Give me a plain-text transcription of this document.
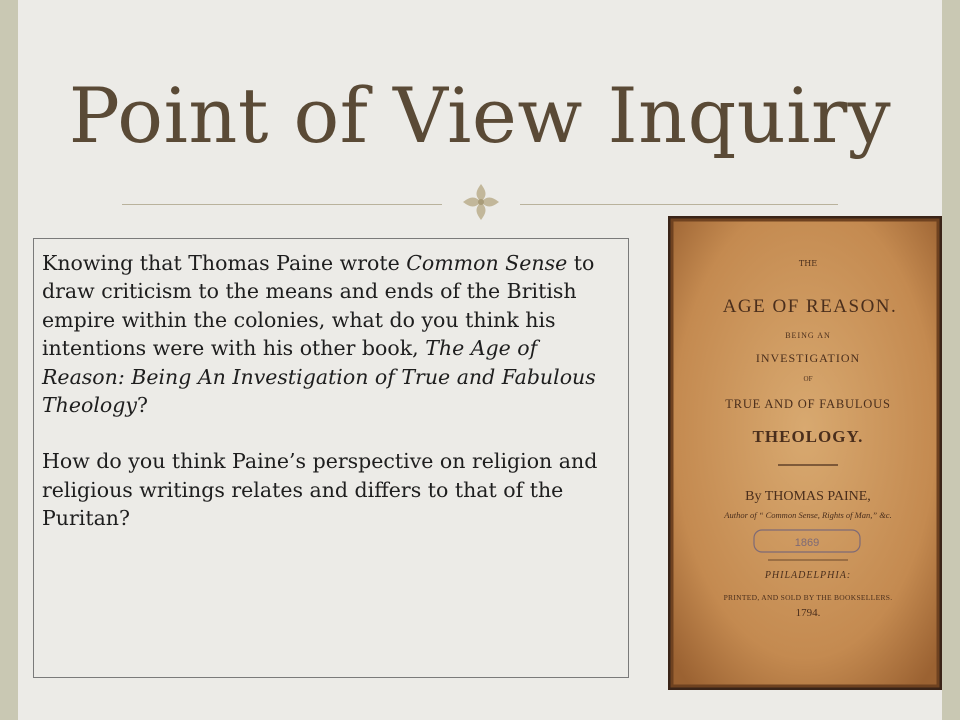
Point of View Inquiry

Knowing that Thomas Paine wrote Common Sense to draw criticism to the means and ends of the British empire within the colonies, what do you think his intentions were with his other book, The Age of Reason: Being An Investigation of True and Fabulous Theology?

How do you think Paine’s perspective on religion and religious writings relates and differs to that of the Puritan?

THE
AGE OF REASON.
BEING AN
INVESTIGATION
OF
TRUE AND OF FABULOUS
THEOLOGY.
By THOMAS PAINE,
Author of “ Common Sense, Rights of Man,” &c.
1869
PHILADELPHIA:
PRINTED, AND SOLD BY THE BOOKSELLERS.
1794.
